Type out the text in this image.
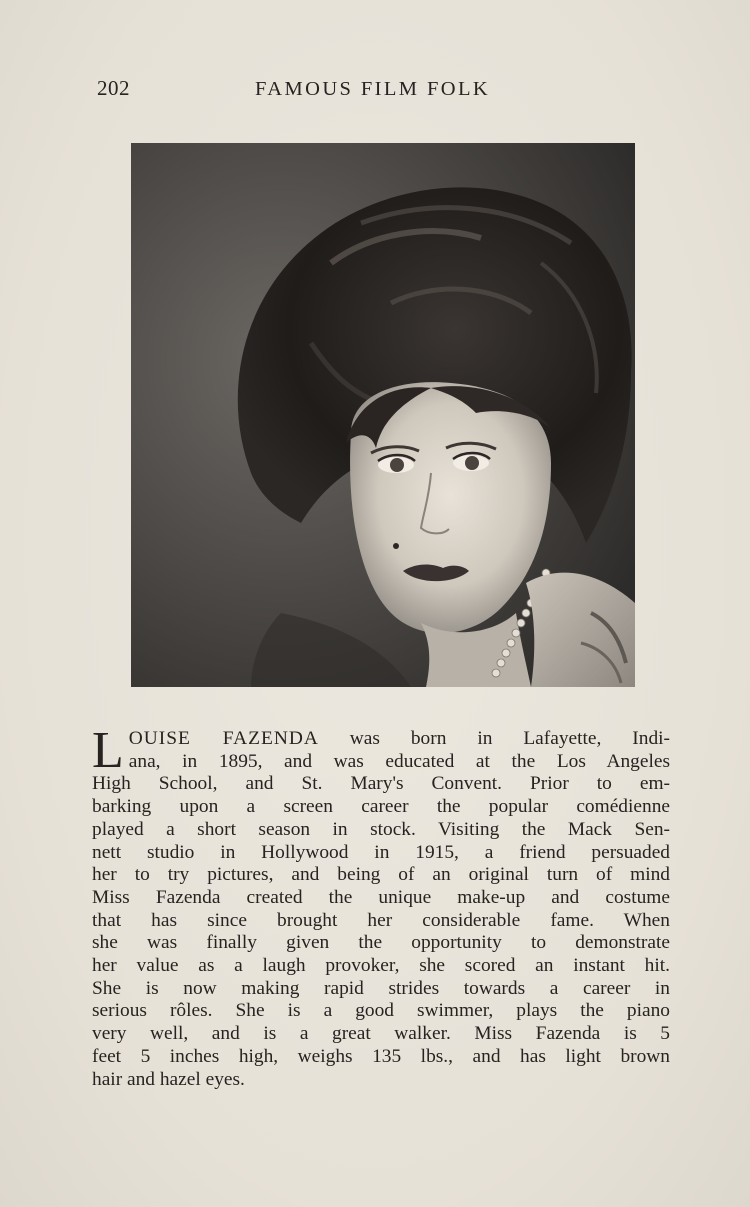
202	FAMOUS FILM FOLK
L OUISE FAZENDA was born in Lafayette, Indi-
ana, in 1895, and was educated at the Los Angeles
High School, and St. Mary's Convent. Prior to em-
barking upon a screen career the popular comédienne
played a short season in stock. Visiting the Mack Sen-
nett studio in Hollywood in 1915, a friend persuaded
her to try pictures, and being of an original turn of mind
Miss Fazenda created the unique make-up and costume
that has since brought her considerable fame. When
she was finally given the opportunity to demonstrate
her value as a laugh provoker, she scored an instant hit.
She is now making rapid strides towards a career in
serious rôles. She is a good swimmer, plays the piano
very well, and is a great walker. Miss Fazenda is 5
feet 5 inches high, weighs 135 lbs., and has light brown
hair and hazel eyes.
